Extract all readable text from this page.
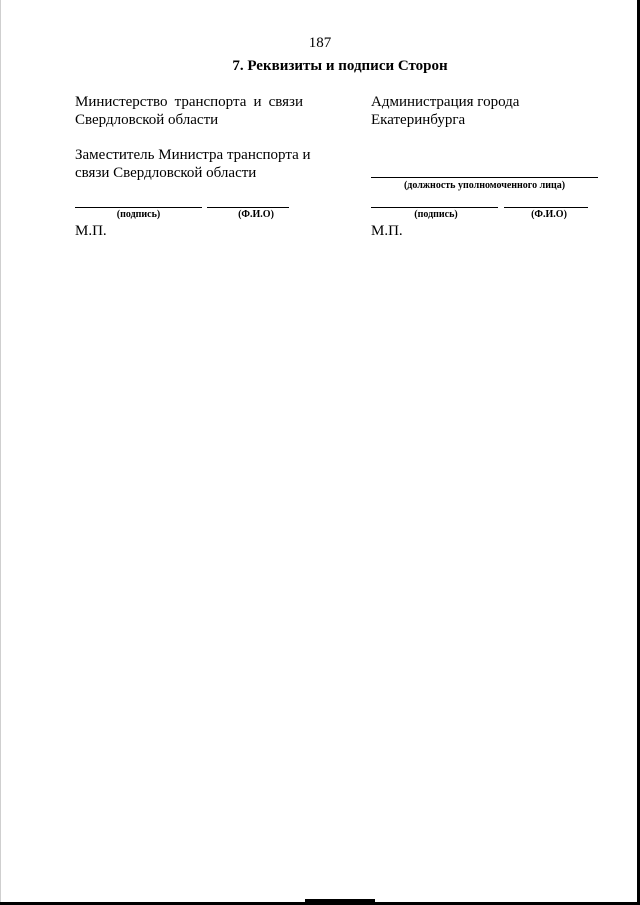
187
7. Реквизиты и подписи Сторон
Министерство транспорта и связи Свердловской области
Заместитель Министра транспорта и связи Свердловской области
(подпись)	(Ф.И.О)
М.П.
Администрация города Екатеринбурга
(должность уполномоченного лица)
(подпись)	(Ф.И.О)
М.П.
